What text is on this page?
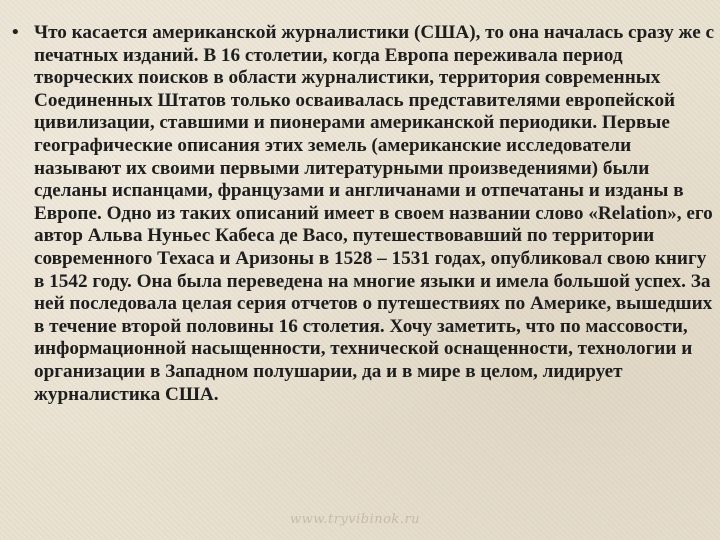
• Что касается американской журналистики (США), то она началась сразу же с печатных изданий. В 16 столетии, когда Европа переживала период творческих поисков в области журналистики, территория современных Соединенных Штатов только осваивалась представителями европейской цивилизации, ставшими и пионерами американской периодики. Первые географические описания этих земель (американские исследователи называют их своими первыми литературными произведениями) были сделаны испанцами, французами и англичанами и отпечатаны и изданы в Европе. Одно из таких описаний имеет в своем названии слово «Relation», его автор Альва Нуньес Кабеса де Васо, путешествовавший по территории современного Техаса и Аризоны в 1528 – 1531 годах, опубликовал свою книгу в 1542 году. Она была переведена на многие языки и имела большой успех. За ней последовала целая серия отчетов о путешествиях по Америке, вышедших в течение второй половины 16 столетия. Хочу заметить, что по массовости, информационной насыщенности, технической оснащенности, технологии и организации в Западном полушарии, да и в мире в целом, лидирует журналистика США.

www.tryvibinok.ru
